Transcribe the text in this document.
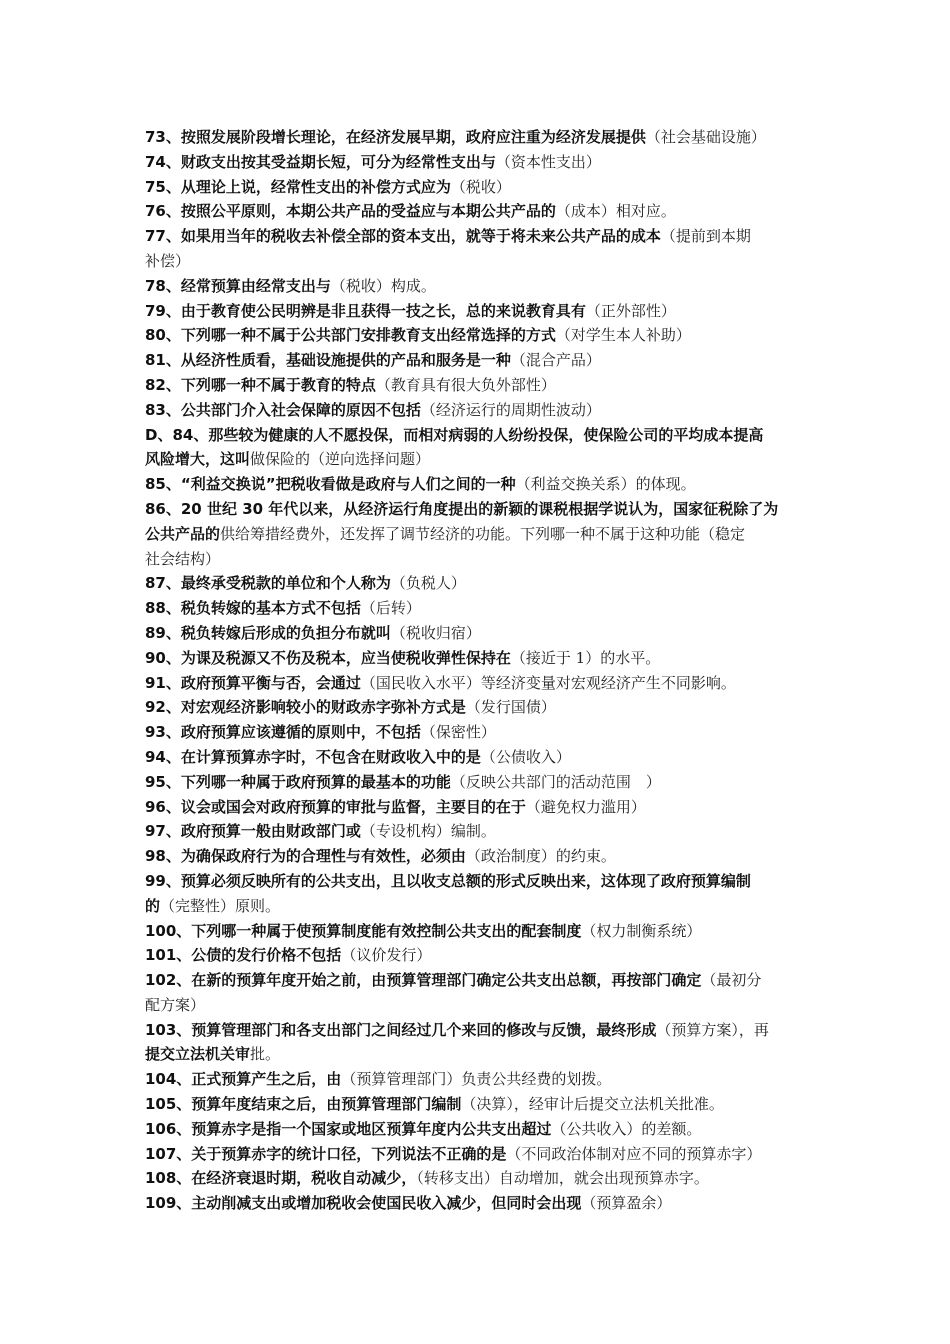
73、按照发展阶段增长理论，在经济发展早期，政府应注重为经济发展提供（社会基础设施）
74、财政支出按其受益期长短，可分为经常性支出与（资本性支出）
75、从理论上说，经常性支出的补偿方式应为（税收）
76、按照公平原则，本期公共产品的受益应与本期公共产品的（成本）相对应。
77、如果用当年的税收去补偿全部的资本支出，就等于将未来公共产品的成本（提前到本期
补偿）
78、经常预算由经常支出与（税收）构成。
79、由于教育使公民明辨是非且获得一技之长，总的来说教育具有（正外部性）
80、下列哪一种不属于公共部门安排教育支出经常选择的方式（对学生本人补助）
81、从经济性质看，基础设施提供的产品和服务是一种（混合产品）
82、下列哪一种不属于教育的特点（教育具有很大负外部性）
83、公共部门介入社会保障的原因不包括（经济运行的周期性波动）
D、84、那些较为健康的人不愿投保，而相对病弱的人纷纷投保，使保险公司的平均成本提高
风险增大，这叫做保险的（逆向选择问题）
85、“利益交换说”把税收看做是政府与人们之间的一种（利益交换关系）的体现。
86、20 世纪 30 年代以来，从经济运行角度提出的新颖的课税根据学说认为，国家征税除了为
公共产品的供给筹措经费外，还发挥了调节经济的功能。下列哪一种不属于这种功能（稳定
社会结构）
87、最终承受税款的单位和个人称为（负税人）
88、税负转嫁的基本方式不包括（后转）
89、税负转嫁后形成的负担分布就叫（税收归宿）
90、为课及税源又不伤及税本，应当使税收弹性保持在（接近于 1）的水平。
91、政府预算平衡与否，会通过（国民收入水平）等经济变量对宏观经济产生不同影响。
92、对宏观经济影响较小的财政赤字弥补方式是（发行国债）
93、政府预算应该遵循的原则中，不包括（保密性）
94、在计算预算赤字时，不包含在财政收入中的是（公债收入）
95、下列哪一种属于政府预算的最基本的功能（反映公共部门的活动范围　）
96、议会或国会对政府预算的审批与监督，主要目的在于（避免权力滥用）
97、政府预算一般由财政部门或（专设机构）编制。
98、为确保政府行为的合理性与有效性，必须由（政治制度）的约束。
99、预算必须反映所有的公共支出，且以收支总额的形式反映出来，这体现了政府预算编制
的（完整性）原则。
100、下列哪一种属于使预算制度能有效控制公共支出的配套制度（权力制衡系统）
101、公债的发行价格不包括（议价发行）
102、在新的预算年度开始之前，由预算管理部门确定公共支出总额，再按部门确定（最初分
配方案）
103、预算管理部门和各支出部门之间经过几个来回的修改与反馈，最终形成（预算方案），再
提交立法机关审批。
104、正式预算产生之后，由（预算管理部门）负责公共经费的划拨。
105、预算年度结束之后，由预算管理部门编制（决算），经审计后提交立法机关批准。
106、预算赤字是指一个国家或地区预算年度内公共支出超过（公共收入）的差额。
107、关于预算赤字的统计口径，下列说法不正确的是（不同政治体制对应不同的预算赤字）
108、在经济衰退时期，税收自动减少，（转移支出）自动增加，就会出现预算赤字。
109、主动削减支出或增加税收会使国民收入减少，但同时会出现（预算盈余）
